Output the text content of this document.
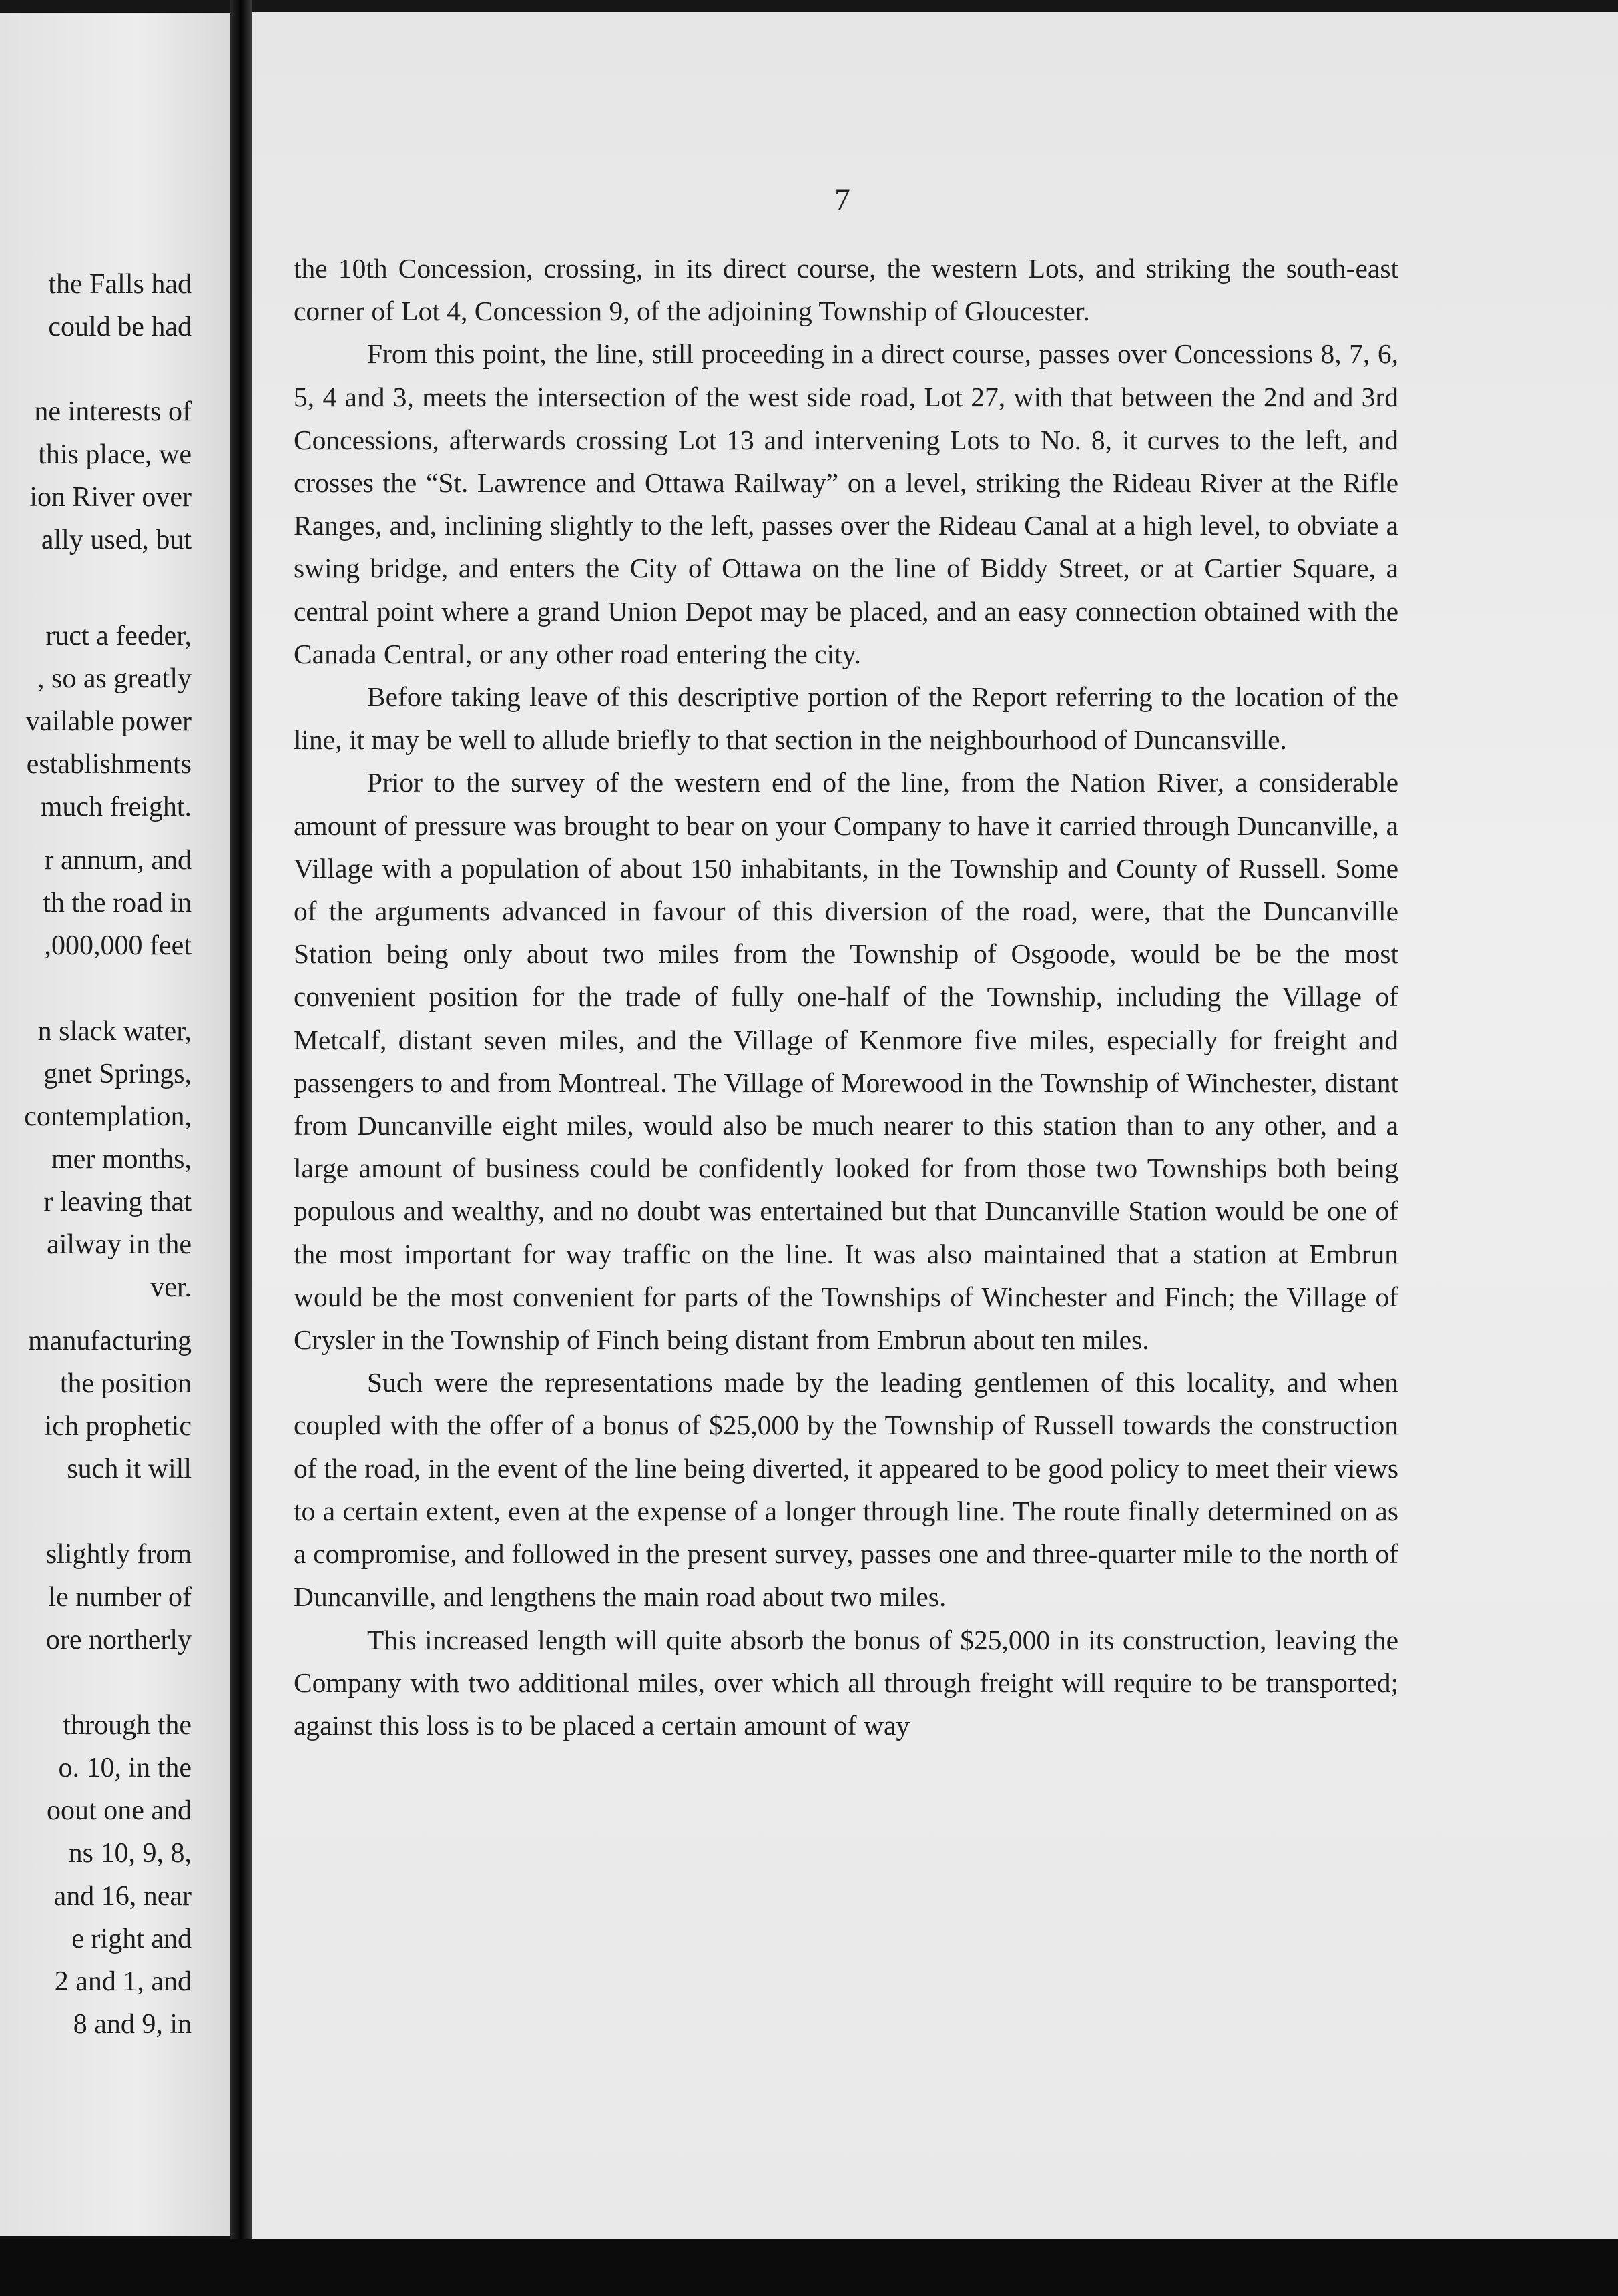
the Falls had
could be had
ne interests of
this place, we
ion River over
ally used, but
ruct a feeder,
, so as greatly
vailable power
establishments
much freight.
r annum, and
th the road in
,000,000 feet
n slack water,
gnet Springs,
contemplation,
mer months,
r leaving that
ailway in the
ver.
manufacturing
the position
ich prophetic
such it will
slightly from
le number of
ore northerly
through the
o. 10, in the
oout one and
ns 10, 9, 8,
and 16, near
e right and
2 and 1, and
8 and 9, in
7

the 10th Concession, crossing, in its direct course, the western Lots, and striking the south-east corner of Lot 4, Concession 9, of the adjoining Township of Gloucester.

From this point, the line, still proceeding in a direct course, passes over Concessions 8, 7, 6, 5, 4 and 3, meets the intersection of the west side road, Lot 27, with that between the 2nd and 3rd Concessions, afterwards crossing Lot 13 and intervening Lots to No. 8, it curves to the left, and crosses the “St. Lawrence and Ottawa Railway” on a level, striking the Rideau River at the Rifle Ranges, and, inclining slightly to the left, passes over the Rideau Canal at a high level, to obviate a swing bridge, and enters the City of Ottawa on the line of Biddy Street, or at Cartier Square, a central point where a grand Union Depot may be placed, and an easy connection obtained with the Canada Central, or any other road entering the city.

Before taking leave of this descriptive portion of the Report referring to the location of the line, it may be well to allude briefly to that section in the neighbourhood of Duncansville.

Prior to the survey of the western end of the line, from the Nation River, a considerable amount of pressure was brought to bear on your Company to have it carried through Duncanville, a Village with a population of about 150 inhabitants, in the Township and County of Russell. Some of the arguments advanced in favour of this diversion of the road, were, that the Duncanville Station being only about two miles from the Township of Osgoode, would be be the most convenient position for the trade of fully one-half of the Township, including the Village of Metcalf, distant seven miles, and the Village of Kenmore five miles, especially for freight and passengers to and from Montreal. The Village of Morewood in the Township of Winchester, distant from Duncanville eight miles, would also be much nearer to this station than to any other, and a large amount of business could be confidently looked for from those two Townships both being populous and wealthy, and no doubt was entertained but that Duncanville Station would be one of the most important for way traffic on the line. It was also maintained that a station at Embrun would be the most convenient for parts of the Townships of Winchester and Finch; the Village of Crysler in the Township of Finch being distant from Embrun about ten miles.

Such were the representations made by the leading gentlemen of this locality, and when coupled with the offer of a bonus of $25,000 by the Township of Russell towards the construction of the road, in the event of the line being diverted, it appeared to be good policy to meet their views to a certain extent, even at the expense of a longer through line. The route finally determined on as a compromise, and followed in the present survey, passes one and three-quarter mile to the north of Duncanville, and lengthens the main road about two miles.

This increased length will quite absorb the bonus of $25,000 in its construction, leaving the Company with two additional miles, over which all through freight will require to be transported; against this loss is to be placed a certain amount of way
